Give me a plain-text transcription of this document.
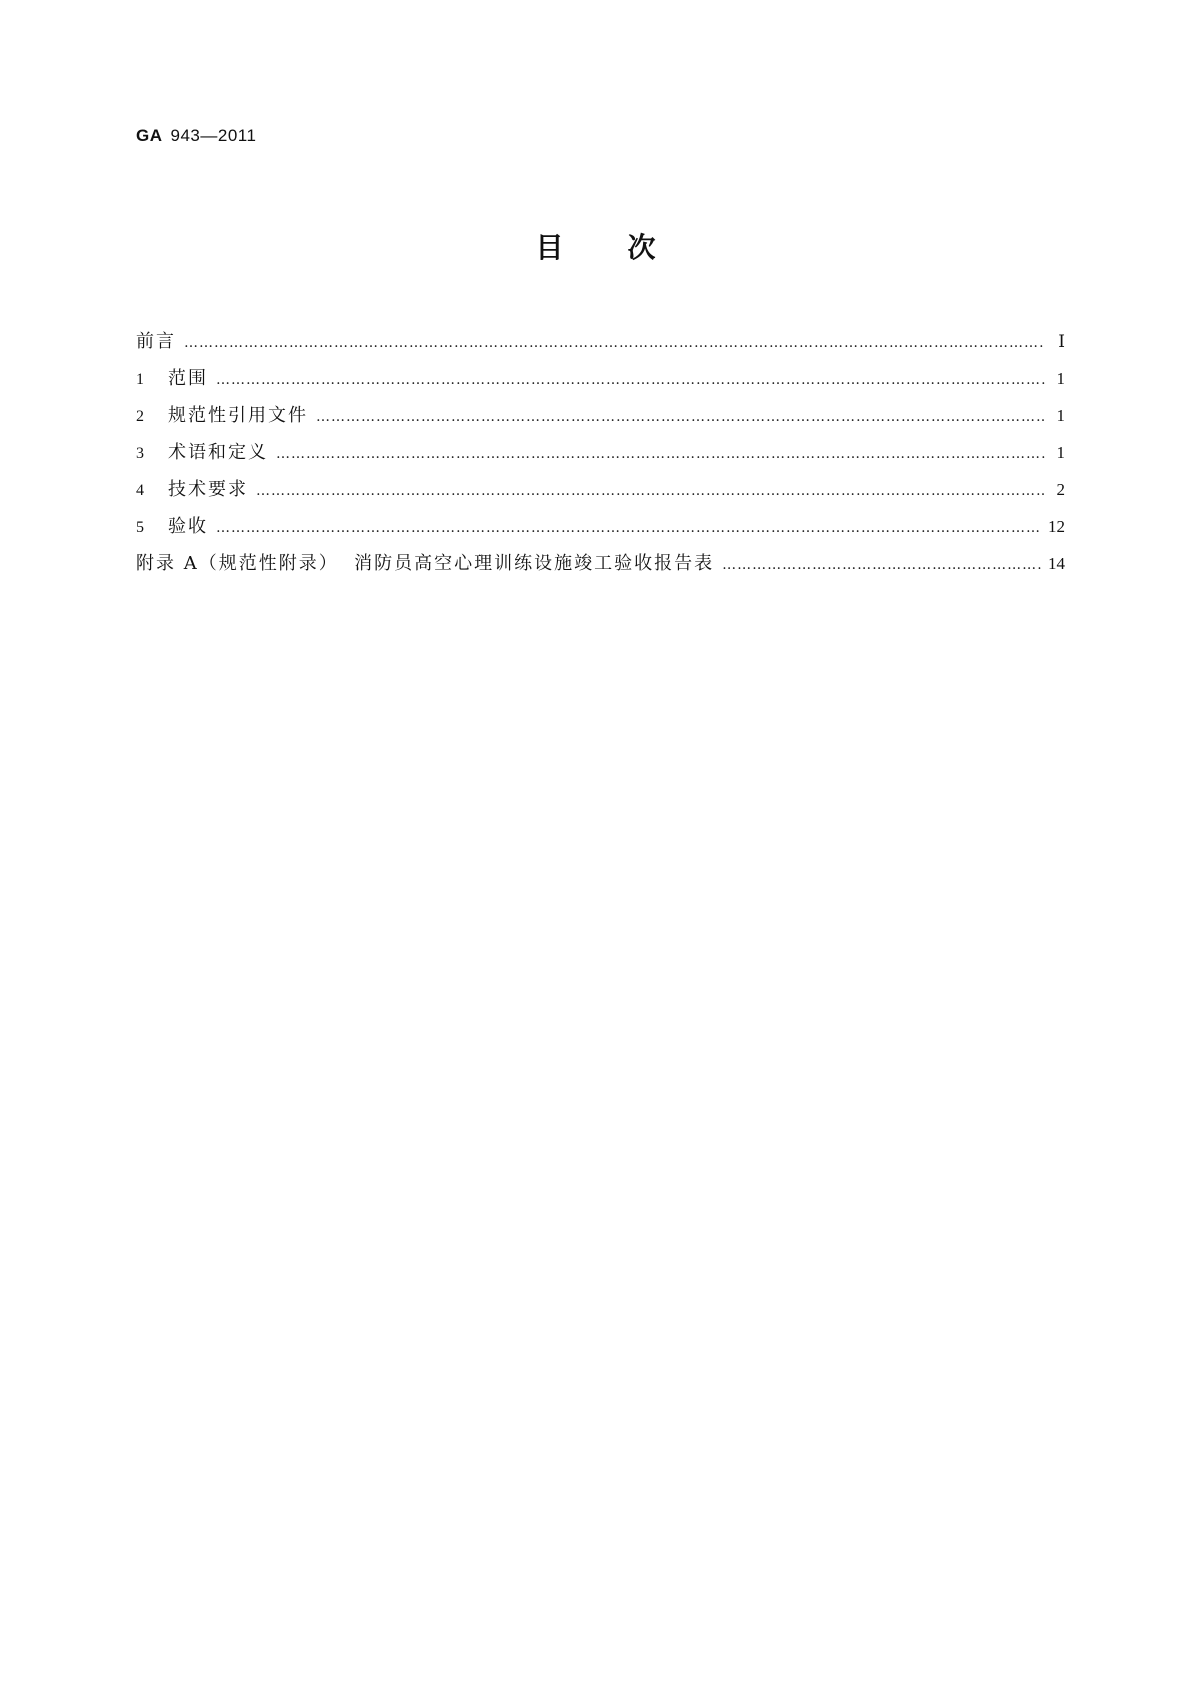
GA 943—2011
目次
前言 …………………………………………………………………………………………………………………………………………………………………………………………………………………………………………………………………………	Ⅰ
1	范围 …………………………………………………………………………………………………………………………………………………………………………………………………………………………………………………………………………	1
2	规范性引用文件 …………………………………………………………………………………………………………………………………………………………………………………………………………………………………………………………………………	1
3	术语和定义 …………………………………………………………………………………………………………………………………………………………………………………………………………………………………………………………………………	1
4	技术要求 …………………………………………………………………………………………………………………………………………………………………………………………………………………………………………………………………………	2
5	验收 …………………………………………………………………………………………………………………………………………………………………………………………………………………………………………………………………………	12
附录 A（规范性附录）  消防员高空心理训练设施竣工验收报告表 …………………………………………………………………………………………………………………………………………………………………………………………………………………………………………………………………………	14
